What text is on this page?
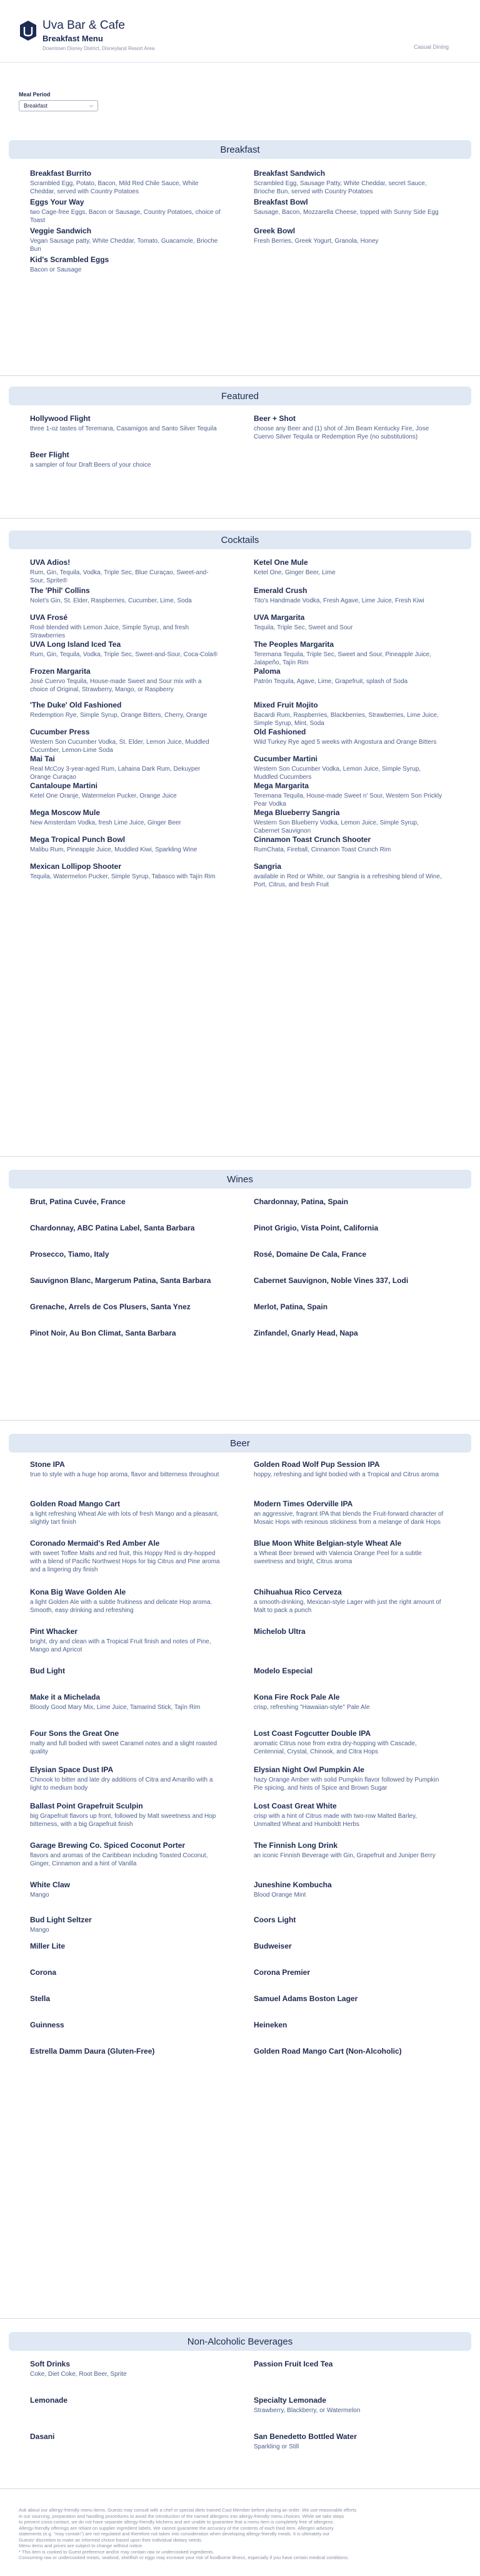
Uva Bar & Cafe
Breakfast Menu
Downtown Disney District, Disneyland Resort Area	Casual Dining
Meal Period
Breakfast	⌵
Breakfast
Breakfast Burrito
Scrambled Egg, Potato, Bacon, Mild Red Chile Sauce, White Cheddar, served with Country Potatoes
Breakfast Sandwich
Scrambled Egg, Sausage Patty, White Cheddar, secret Sauce, Brioche Bun, served with Country Potatoes
Eggs Your Way
two Cage-free Eggs, Bacon or Sausage, Country Potatoes, choice of Toast
Breakfast Bowl
Sausage, Bacon, Mozzarella Cheese, topped with Sunny Side Egg
Veggie Sandwich
Vegan Sausage patty, White Cheddar, Tomato, Guacamole, Brioche Bun
Greek Bowl
Fresh Berries, Greek Yogurt, Granola, Honey
Kid's Scrambled Eggs
Bacon or Sausage
Featured
Hollywood Flight
three 1-oz tastes of Teremana, Casamigos and Santo Silver Tequila
Beer + Shot
choose any Beer and (1) shot of Jim Beam Kentucky Fire, Jose Cuervo Silver Tequila or Redemption Rye (no substitutions)
Beer Flight
a sampler of four Draft Beers of your choice
Cocktails
UVA Adios!
Rum, Gin, Tequila, Vodka, Triple Sec, Blue Curaçao, Sweet-and-Sour, Sprite®
Ketel One Mule
Ketel One, Ginger Beer, Lime
The 'Phil' Collins
Nolet's Gin, St. Elder, Raspberries, Cucumber, Lime, Soda
Emerald Crush
Tito's Handmade Vodka, Fresh Agave, Lime Juice, Fresh Kiwi
UVA Frosé
Rosé blended with Lemon Juice, Simple Syrup, and fresh Strawberries
UVA Margarita
Tequila, Triple Sec, Sweet and Sour
UVA Long Island Iced Tea
Rum, Gin, Tequila, Vodka, Triple Sec, Sweet-and-Sour, Coca-Cola®
The Peoples Margarita
Teremana Tequila, Triple Sec, Sweet and Sour, Pineapple Juice, Jalapeño, Tajín Rim
Frozen Margarita
José Cuervo Tequila, House-made Sweet and Sour mix with a choice of Original, Strawberry, Mango, or Raspberry
Paloma
Patrón Tequila, Agave, Lime, Grapefruit, splash of Soda
'The Duke' Old Fashioned
Redemption Rye, Simple Syrup, Orange Bitters, Cherry, Orange
Mixed Fruit Mojito
Bacardi Rum, Raspberries, Blackberries, Strawberries, Lime Juice, Simple Syrup, Mint, Soda
Cucumber Press
Western Son Cucumber Vodka, St. Elder, Lemon Juice, Muddled Cucumber, Lemon-Lime Soda
Old Fashioned
Wild Turkey Rye aged 5 weeks with Angostura and Orange Bitters
Mai Tai
Real McCoy 3-year-aged Rum, Lahaina Dark Rum, Dekuyper Orange Curaçao
Cucumber Martini
Western Son Cucumber Vodka, Lemon Juice, Simple Syrup, Muddled Cucumbers
Cantaloupe Martini
Ketel One Oranje, Watermelon Pucker, Orange Juice
Mega Margarita
Teremana Tequila, House-made Sweet n' Sour, Western Son Prickly Pear Vodka
Mega Moscow Mule
New Amsterdam Vodka, fresh Lime Juice, Ginger Beer
Mega Blueberry Sangria
Western Son Blueberry Vodka, Lemon Juice, Simple Syrup, Cabernet Sauvignon
Mega Tropical Punch Bowl
Malibu Rum, Pineapple Juice, Muddled Kiwi, Sparkling Wine
Cinnamon Toast Crunch Shooter
RumChata, Fireball, Cinnamon Toast Crunch Rim
Mexican Lollipop Shooter
Tequila, Watermelon Pucker, Simple Syrup, Tabasco with Tajín Rim
Sangria
available in Red or White, our Sangria is a refreshing blend of Wine, Port, Citrus, and fresh Fruit
Wines
Brut, Patina Cuvée, France	Chardonnay, Patina, Spain
Chardonnay, ABC Patina Label, Santa Barbara	Pinot Grigio, Vista Point, California
Prosecco, Tiamo, Italy	Rosé, Domaine De Cala, France
Sauvignon Blanc, Margerum Patina, Santa Barbara	Cabernet Sauvignon, Noble Vines 337, Lodi
Grenache, Arrels de Cos Plusers, Santa Ynez	Merlot, Patina, Spain
Pinot Noir, Au Bon Climat, Santa Barbara	Zinfandel, Gnarly Head, Napa
Beer
Stone IPA
true to style with a huge hop aroma, flavor and bitterness throughout
Golden Road Wolf Pup Session IPA
hoppy, refreshing and light bodied with a Tropical and Citrus aroma
Golden Road Mango Cart
a light refreshing Wheat Ale with lots of fresh Mango and a pleasant, slightly tart finish
Modern Times Oderville IPA
an aggressive, fragrant IPA that blends the Fruit-forward character of Mosaic Hops with resinous stickiness from a melange of dank Hops
Coronado Mermaid's Red Amber Ale
with sweet Toffee Malts and red fruit, this Hoppy Red is dry-hopped with a blend of Pacific Northwest Hops for big Citrus and Pine aroma and a lingering dry finish
Blue Moon White Belgian-style Wheat Ale
a Wheat Beer brewed with Valencia Orange Peel for a subtle sweetness and bright, Citrus aroma
Kona Big Wave Golden Ale
a light Golden Ale with a subtle fruitiness and delicate Hop aroma. Smooth, easy drinking and refreshing
Chihuahua Rico Cerveza
a smooth-drinking, Mexican-style Lager with just the right amount of Malt to pack a punch
Pint Whacker
bright, dry and clean with a Tropical Fruit finish and notes of Pine, Mango and Apricot
Michelob Ultra
Bud Light	Modelo Especial
Make it a Michelada
Bloody Good Mary Mix, Lime Juice, Tamarind Stick, Tajín Rim
Kona Fire Rock Pale Ale
crisp, refreshing "Hawaiian-style" Pale Ale
Four Sons the Great One
malty and full bodied with sweet Caramel notes and a slight roasted quality
Lost Coast Fogcutter Double IPA
aromatic Citrus nose from extra dry-hopping with Cascade, Centennial, Crystal, Chinook, and Citra Hops
Elysian Space Dust IPA
Chinook to bitter and late dry additions of Citra and Amarillo with a light to medium body
Elysian Night Owl Pumpkin Ale
hazy Orange Amber with solid Pumpkin flavor followed by Pumpkin Pie spicing, and hints of Spice and Brown Sugar
Ballast Point Grapefruit Sculpin
big Grapefruit flavors up front, followed by Malt sweetness and Hop bitterness, with a big Grapefruit finish
Lost Coast Great White
crisp with a hint of Citrus made with two-row Malted Barley, Unmalted Wheat and Humboldt Herbs
Garage Brewing Co. Spiced Coconut Porter
flavors and aromas of the Caribbean including Toasted Coconut, Ginger, Cinnamon and a hint of Vanilla
The Finnish Long Drink
an iconic Finnish Beverage with Gin, Grapefruit and Juniper Berry
White Claw
Mango
Juneshine Kombucha
Blood Orange Mint
Bud Light Seltzer
Mango
Coors Light
Miller Lite	Budweiser
Corona	Corona Premier
Stella	Samuel Adams Boston Lager
Guinness	Heineken
Estrella Damm Daura (Gluten-Free)	Golden Road Mango Cart (Non-Alcoholic)
Non-Alcoholic Beverages
Soft Drinks
Coke, Diet Coke, Root Beer, Sprite
Passion Fruit Iced Tea
Lemonade	Specialty Lemonade
Strawberry, Blackberry, or Watermelon
Dasani	San Benedetto Bottled Water
Sparkling or Still
Ask about our allergy-friendly menu items. Guests may consult with a chef or special diets trained Cast Member before placing an order. We use reasonable efforts
in our sourcing, preparation and handling procedures to avoid the introduction of the named allergens into allergy-friendly menu choices. While we take steps
to prevent cross-contact, we do not have separate allergy-friendly kitchens and are unable to guarantee that a menu item is completely free of allergens.
Allergy-friendly offerings are reliant on supplier ingredient labels. We cannot guarantee the accuracy of the contents of each food item. Allergen advisory
statements (e.g. "may contain") are not regulated and therefore not taken into consideration when developing allergy-friendly meals. It is ultimately our
Guests' discretion to make an informed choice based upon their individual dietary needs.
Menu items and prices are subject to change without notice.
* This item is cooked to Guest preference and/or may contain raw or undercooked ingredients.
Consuming raw or undercooked meats, seafood, shellfish or eggs may increase your risk of foodborne illness, especially if you have certain medical conditions.
